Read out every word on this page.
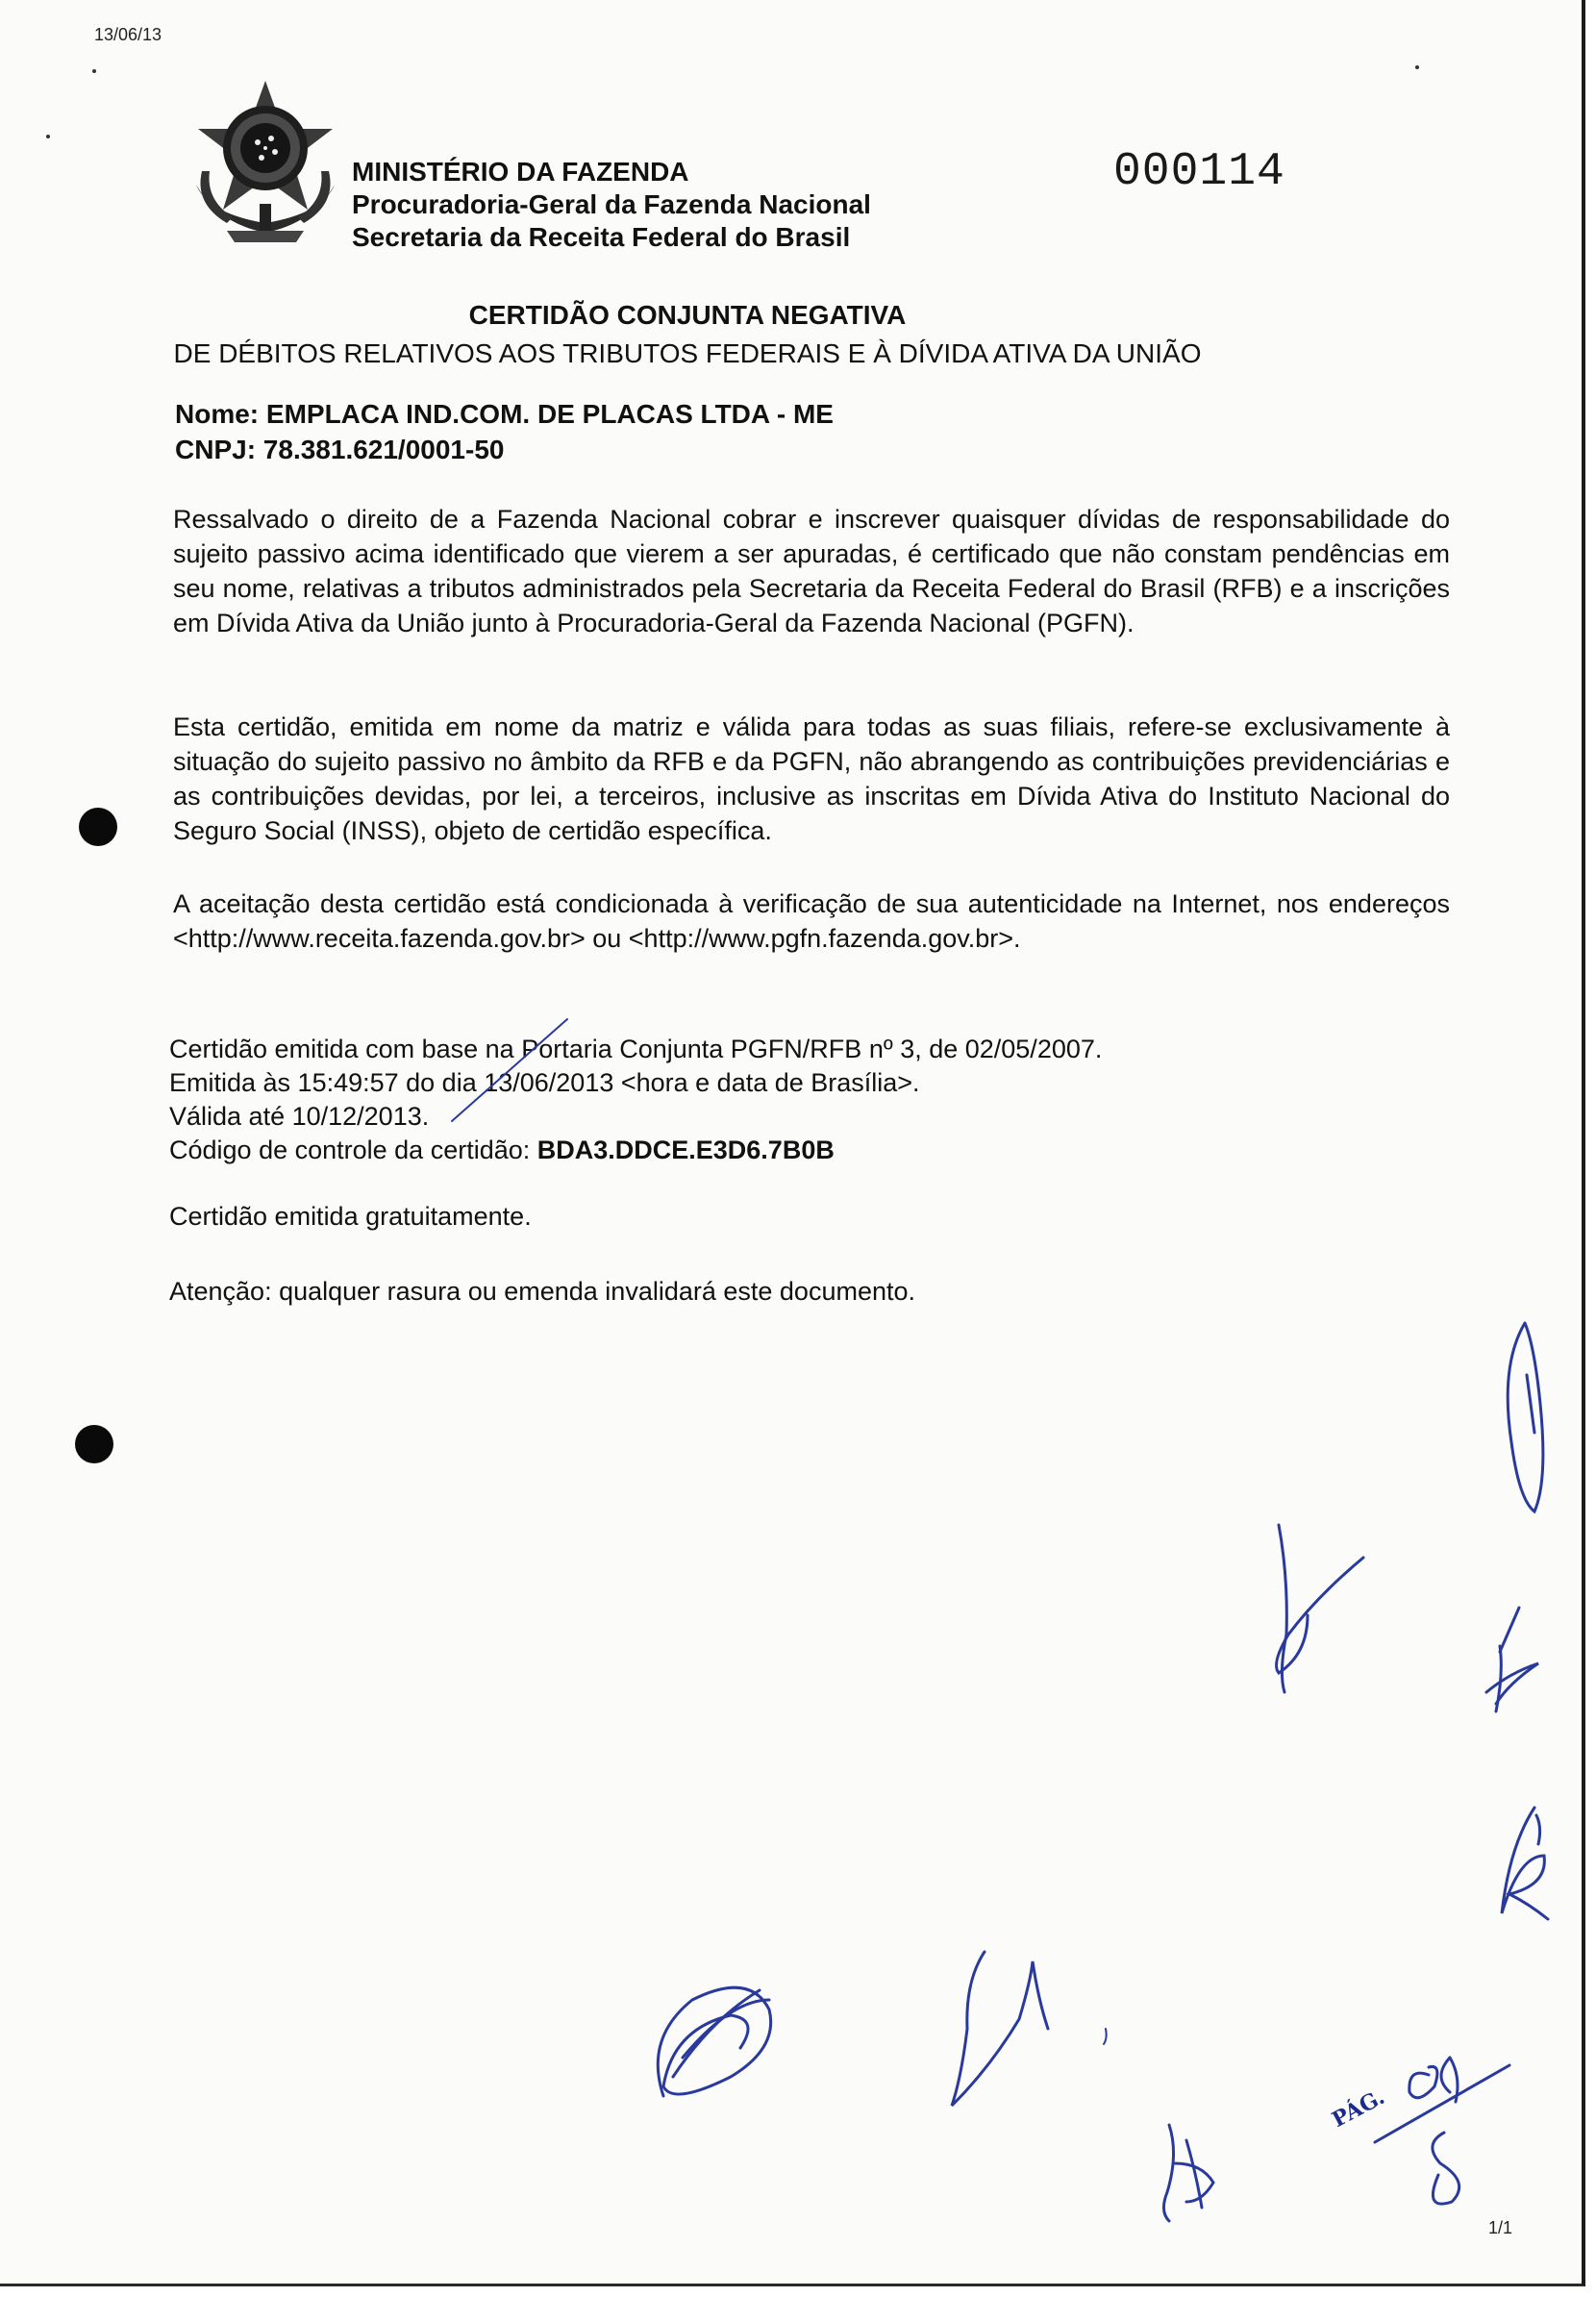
13/06/13
MINISTÉRIO DA FAZENDA
Procuradoria-Geral da Fazenda Nacional
Secretaria da Receita Federal do Brasil
000114
CERTIDÃO CONJUNTA NEGATIVA
DE DÉBITOS RELATIVOS AOS TRIBUTOS FEDERAIS E À DÍVIDA ATIVA DA UNIÃO
Nome: EMPLACA IND.COM. DE PLACAS LTDA - ME
CNPJ: 78.381.621/0001-50
Ressalvado o direito de a Fazenda Nacional cobrar e inscrever quaisquer dívidas de responsabilidade do sujeito passivo acima identificado que vierem a ser apuradas, é certificado que não constam pendências em seu nome, relativas a tributos administrados pela Secretaria da Receita Federal do Brasil (RFB) e a inscrições em Dívida Ativa da União junto à Procuradoria-Geral da Fazenda Nacional (PGFN).
Esta certidão, emitida em nome da matriz e válida para todas as suas filiais, refere-se exclusivamente à situação do sujeito passivo no âmbito da RFB e da PGFN, não abrangendo as contribuições previdenciárias e as contribuições devidas, por lei, a terceiros, inclusive as inscritas em Dívida Ativa do Instituto Nacional do Seguro Social (INSS), objeto de certidão específica.
A aceitação desta certidão está condicionada à verificação de sua autenticidade na Internet, nos endereços <http://www.receita.fazenda.gov.br> ou <http://www.pgfn.fazenda.gov.br>.
Certidão emitida com base na Portaria Conjunta PGFN/RFB nº 3, de 02/05/2007.
Emitida às 15:49:57 do dia 13/06/2013 <hora e data de Brasília>.
Válida até 10/12/2013.
Código de controle da certidão: BDA3.DDCE.E3D6.7B0B
Certidão emitida gratuitamente.
Atenção: qualquer rasura ou emenda invalidará este documento.
PÁG.
1/1
